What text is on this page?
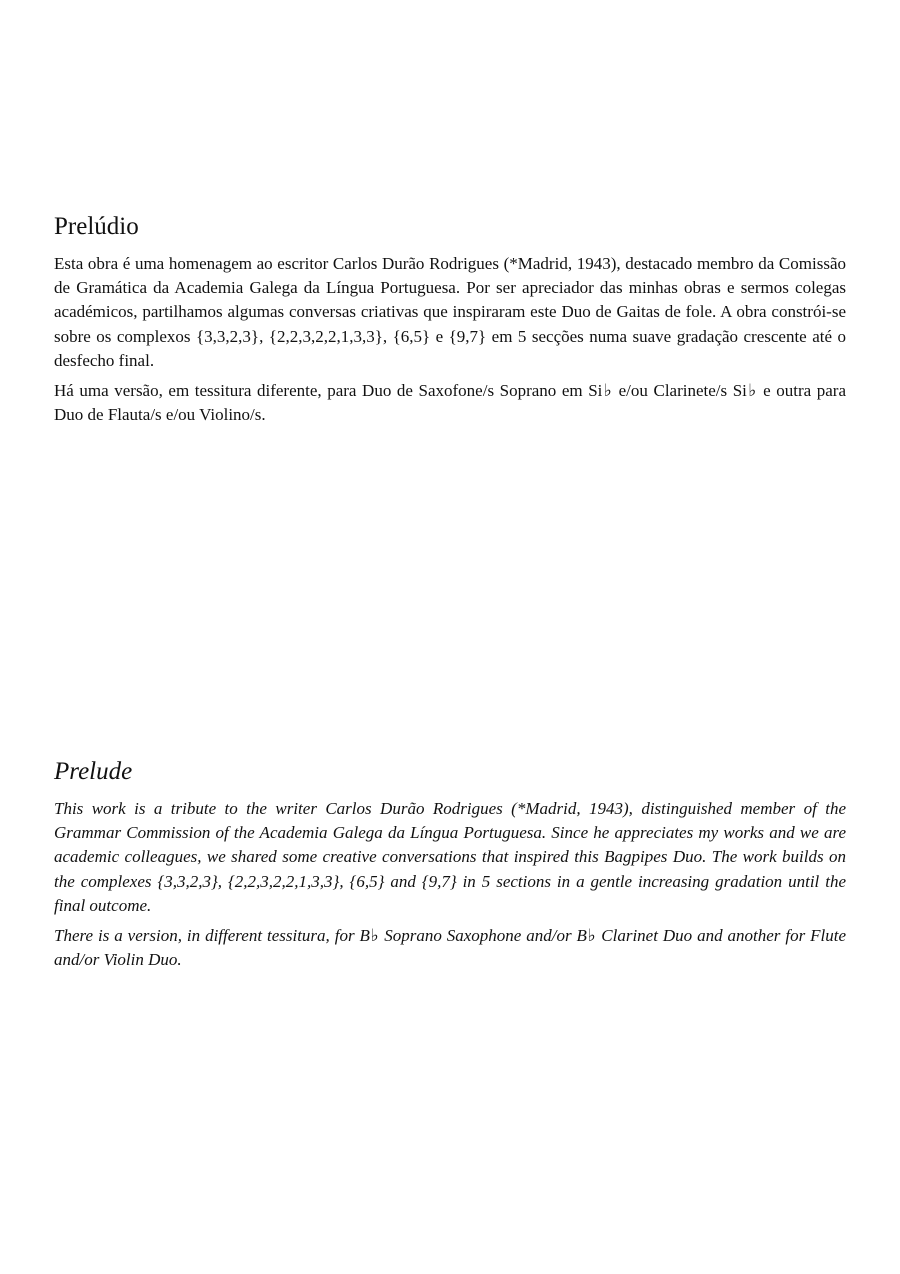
Prelúdio

Esta obra é uma homenagem ao escritor Carlos Durão Rodrigues (*Madrid, 1943), destacado membro da Comissão de Gramática da Academia Galega da Língua Portuguesa. Por ser apreciador das minhas obras e sermos colegas académicos, partilhamos algumas conversas criativas que inspiraram este Duo de Gaitas de fole. A obra constrói-se sobre os complexos {3,3,2,3}, {2,2,3,2,2,1,3,3}, {6,5} e {9,7} em 5 secções numa suave gradação crescente até o desfecho final.

Há uma versão, em tessitura diferente, para Duo de Saxofone/s Soprano em Si♭ e/ou Clarinete/s Si♭ e outra para Duo de Flauta/s e/ou Violino/s.

Prelude

This work is a tribute to the writer Carlos Durão Rodrigues (*Madrid, 1943), distinguished member of the Grammar Commission of the Academia Galega da Língua Portuguesa. Since he appreciates my works and we are academic colleagues, we shared some creative conversations that inspired this Bagpipes Duo. The work builds on the complexes {3,3,2,3}, {2,2,3,2,2,1,3,3}, {6,5} and {9,7} in 5 sections in a gentle increasing gradation until the final outcome.

There is a version, in different tessitura, for B♭ Soprano Saxophone and/or B♭ Clarinet Duo and another for Flute and/or Violin Duo.
